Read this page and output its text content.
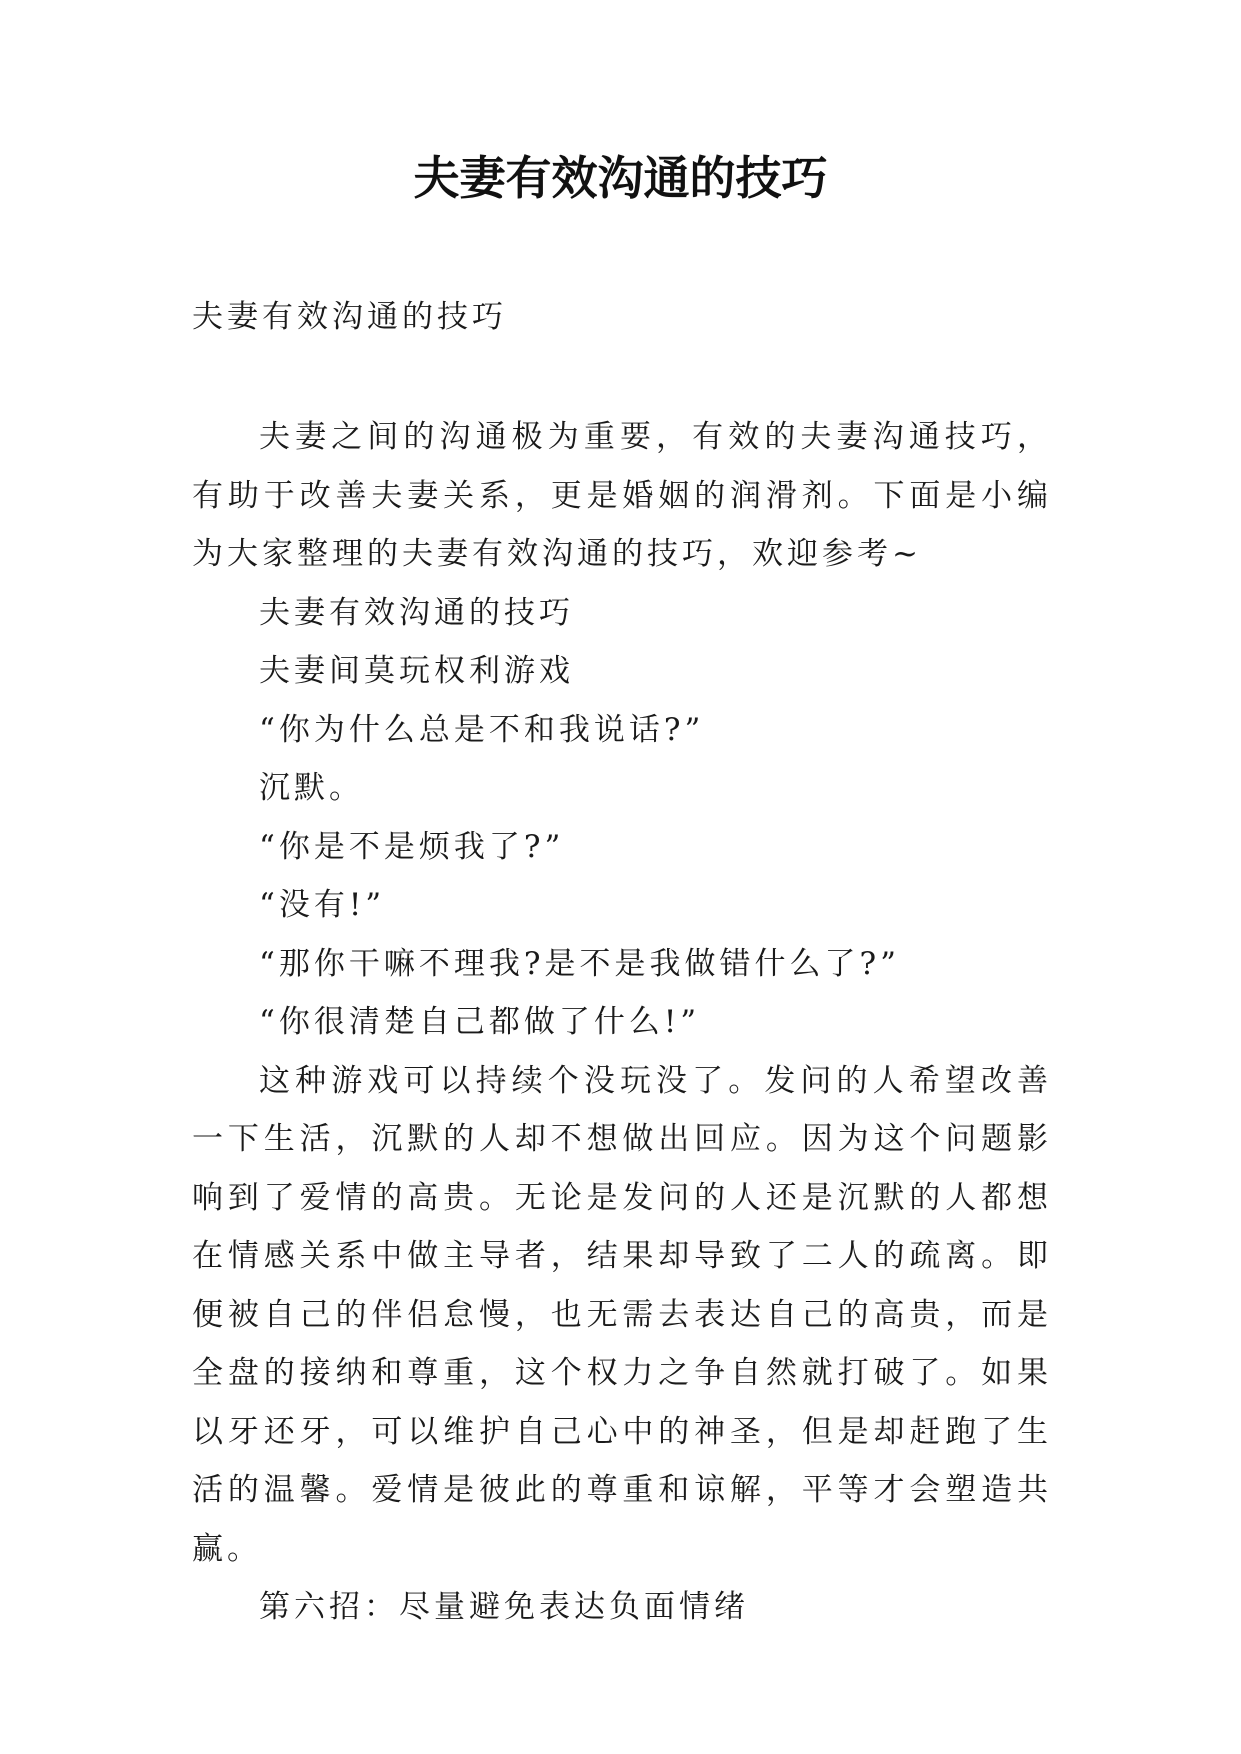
夫妻有效沟通的技巧

夫妻有效沟通的技巧

夫妻之间的沟通极为重要，有效的夫妻沟通技巧，有助于改善夫妻关系，更是婚姻的润滑剂。下面是小编为大家整理的夫妻有效沟通的技巧，欢迎参考~

夫妻有效沟通的技巧

夫妻间莫玩权利游戏

“你为什么总是不和我说话?”

沉默。

“你是不是烦我了?”

“没有!”

“那你干嘛不理我?是不是我做错什么了?”

“你很清楚自己都做了什么!”

这种游戏可以持续个没玩没了。发问的人希望改善一下生活，沉默的人却不想做出回应。因为这个问题影响到了爱情的高贵。无论是发问的人还是沉默的人都想在情感关系中做主导者，结果却导致了二人的疏离。即便被自己的伴侣怠慢，也无需去表达自己的高贵，而是全盘的接纳和尊重，这个权力之争自然就打破了。如果以牙还牙，可以维护自己心中的神圣，但是却赶跑了生活的温馨。爱情是彼此的尊重和谅解，平等才会塑造共赢。

第六招：尽量避免表达负面情绪
